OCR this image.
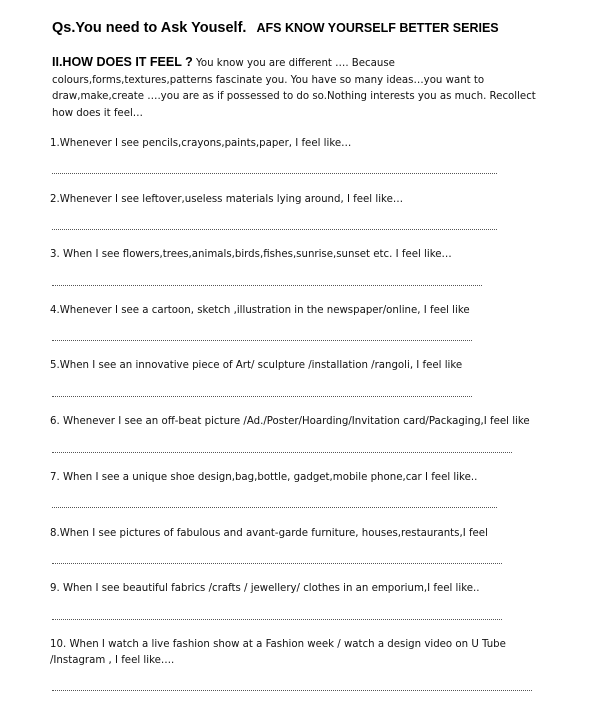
Qs.You need to Ask Youself. AFS KNOW YOURSELF BETTER SERIES
II.HOW DOES IT FEEL ? You know you are different …. Because colours,forms,textures,patterns fascinate you. You have so many ideas…you want to draw,make,create ….you are as if possessed to do so.Nothing interests you as much. Recollect how does it feel…
1.Whenever I see pencils,crayons,paints,paper, I feel like…
2.Whenever I see leftover,useless materials lying around, I feel like…
3. When I see flowers,trees,animals,birds,fishes,sunrise,sunset etc. I feel like…
4.Whenever I see a cartoon, sketch ,illustration in the newspaper/online, I feel like
5.When I see an innovative piece of Art/ sculpture /installation /rangoli, I feel like
6. Whenever I see an off-beat picture /Ad./Poster/Hoarding/Invitation card/Packaging,I feel like
7. When I see a unique shoe design,bag,bottle, gadget,mobile phone,car I feel like..
8.When I see pictures of fabulous and avant-garde furniture, houses,restaurants,I feel
9. When I see beautiful fabrics /crafts / jewellery/ clothes in an emporium,I feel like..
10. When I watch a live fashion show at a Fashion week / watch a design video on U Tube /Instagram , I feel like….
